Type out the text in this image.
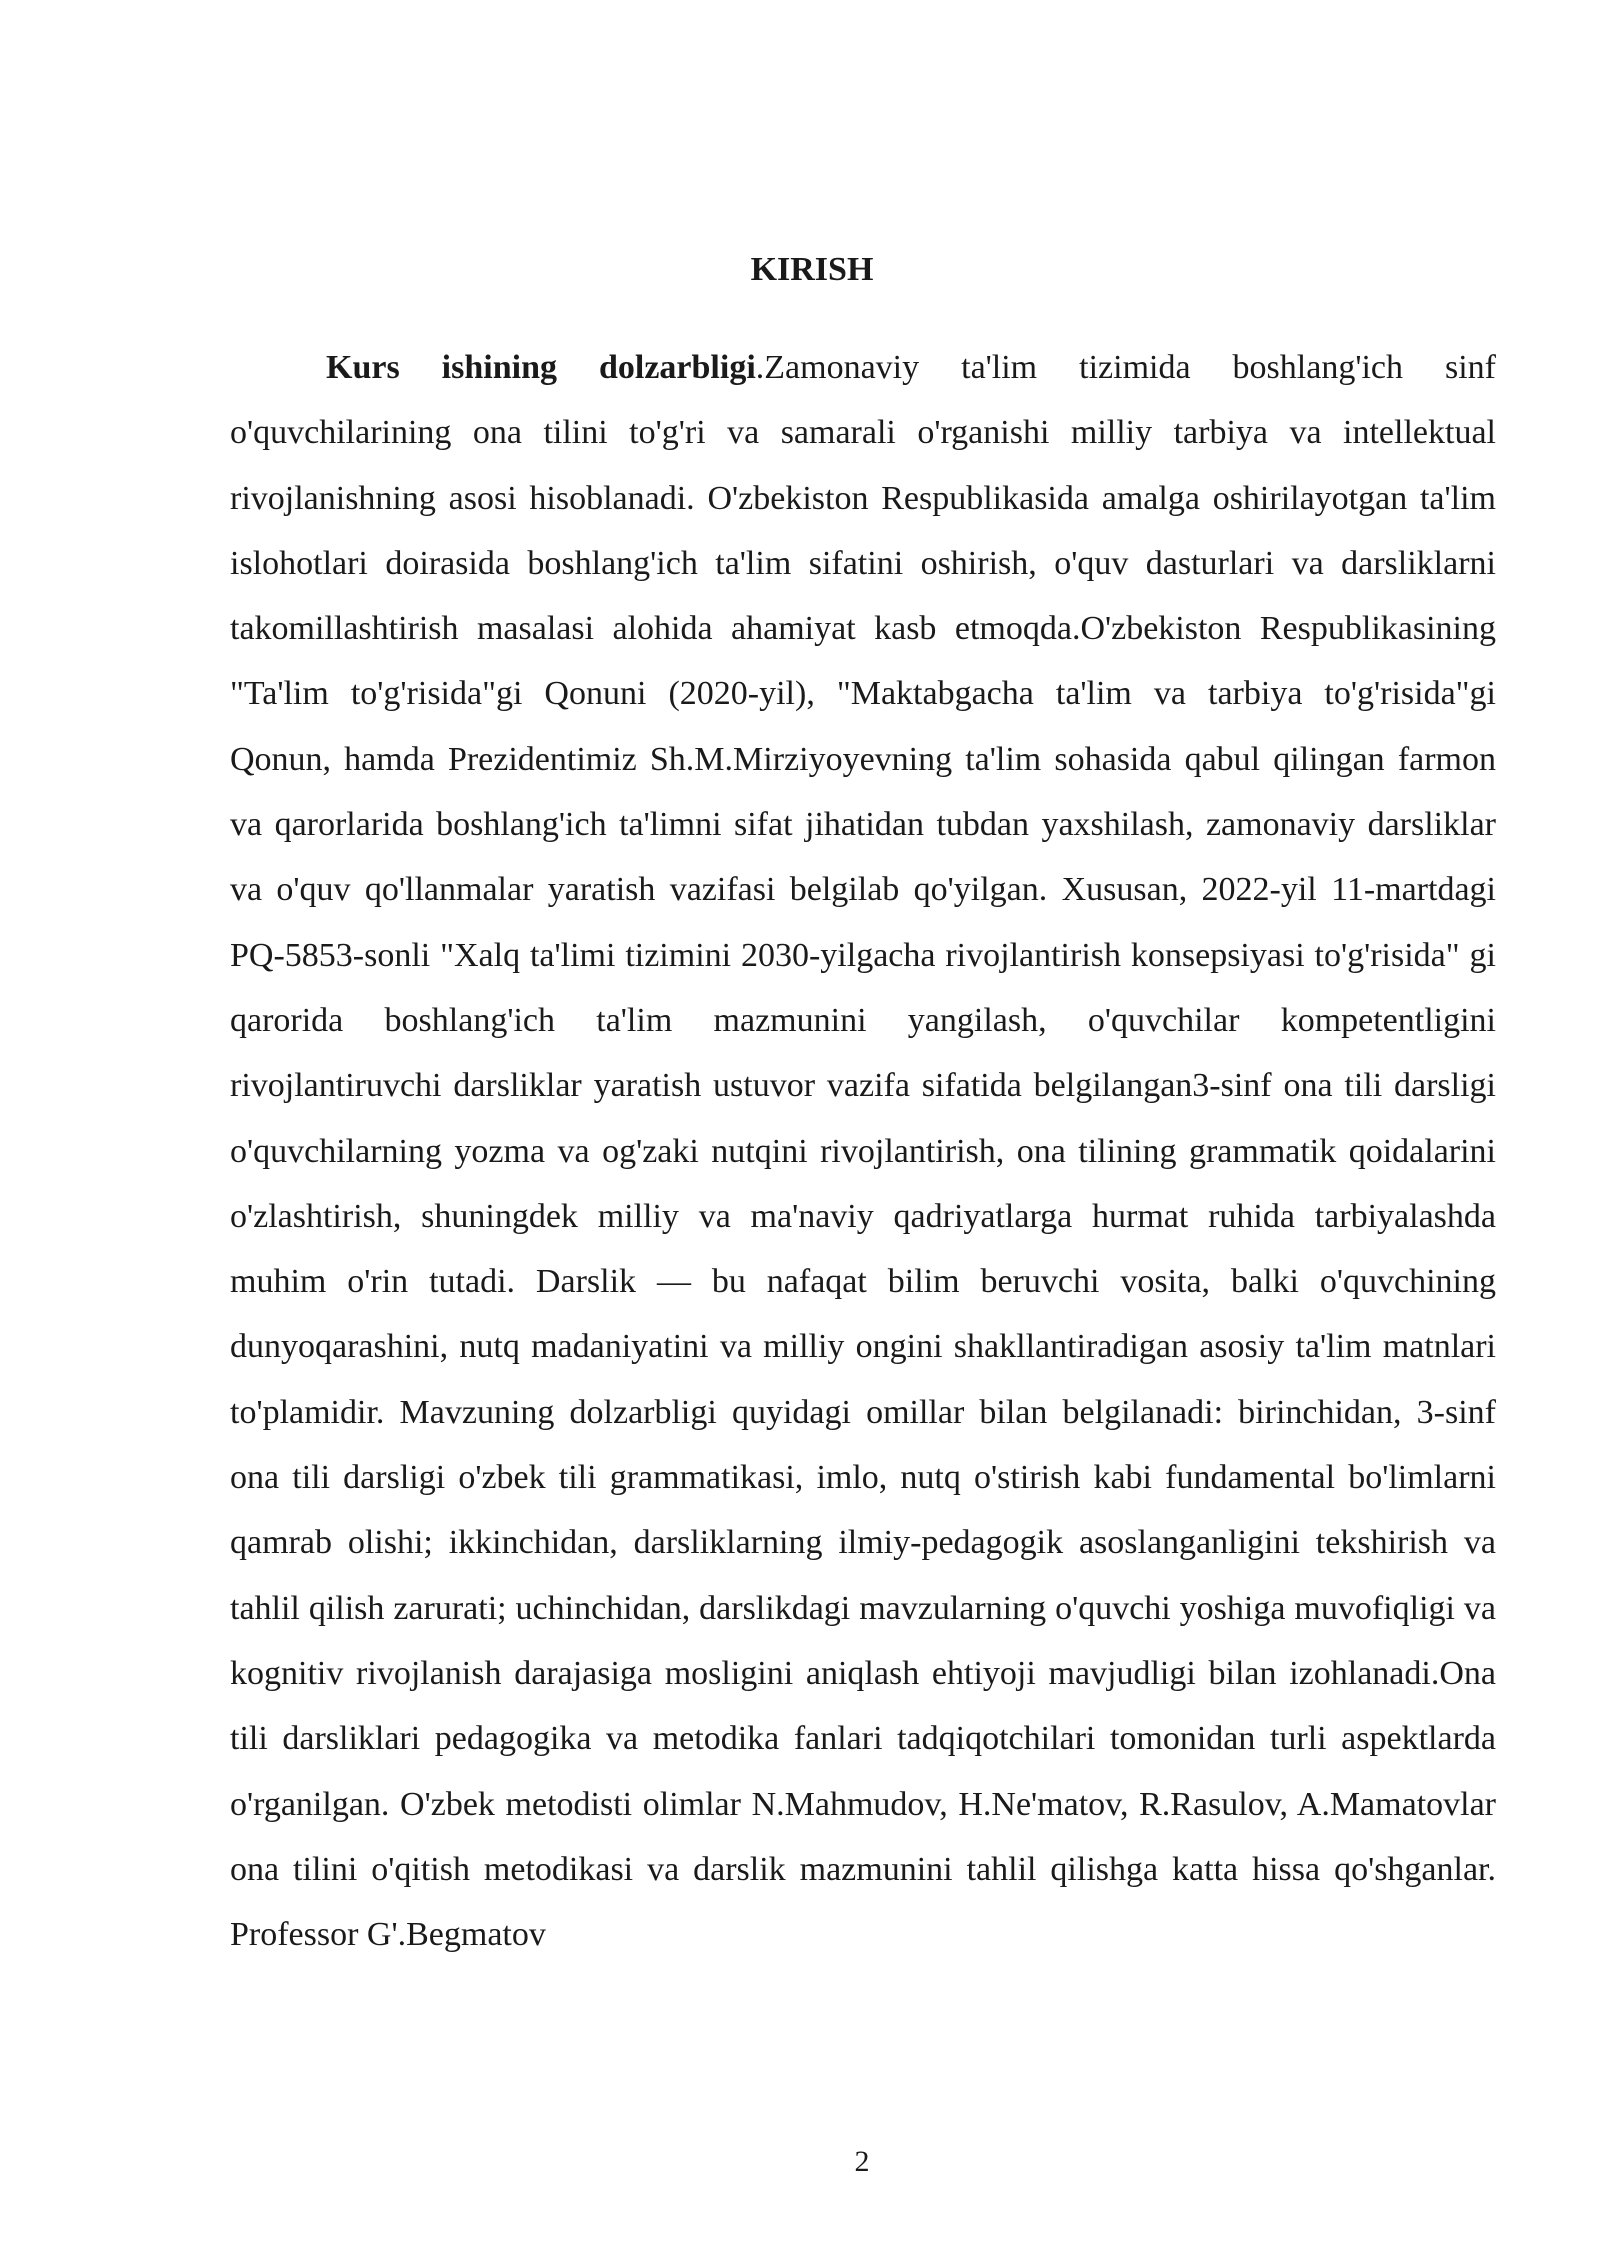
KIRISH

Kurs ishining dolzarbligi.Zamonaviy ta'lim tizimida boshlang'ich sinf o'quvchilarining ona tilini to'g'ri va samarali o'rganishi milliy tarbiya va intellektual rivojlanishning asosi hisoblanadi. O'zbekiston Respublikasida amalga oshirilayotgan ta'lim islohotlari doirasida boshlang'ich ta'lim sifatini oshirish, o'quv dasturlari va darsliklarni takomillashtirish masalasi alohida ahamiyat kasb etmoqda.O'zbekiston Respublikasining "Ta'lim to'g'risida"gi Qonuni (2020-yil), "Maktabgacha ta'lim va tarbiya to'g'risida"gi Qonun, hamda Prezidentimiz Sh.M.Mirziyoyevning ta'lim sohasida qabul qilingan farmon va qarorlarida boshlang'ich ta'limni sifat jihatidan tubdan yaxshilash, zamonaviy darsliklar va o'quv qo'llanmalar yaratish vazifasi belgilab qo'yilgan. Xususan, 2022-yil 11-martdagi PQ-5853-sonli "Xalq ta'limi tizimini 2030-yilgacha rivojlantirish konsepsiyasi to'g'risida" gi qarorida boshlang'ich ta'lim mazmunini yangilash, o'quvchilar kompetentligini rivojlantiruvchi darsliklar yaratish ustuvor vazifa sifatida belgilangan3-sinf ona tili darsligi o'quvchilarning yozma va og'zaki nutqini rivojlantirish, ona tilining grammatik qoidalarini o'zlashtirish, shuningdek milliy va ma'naviy qadriyatlarga hurmat ruhida tarbiyalashda muhim o'rin tutadi. Darslik — bu nafaqat bilim beruvchi vosita, balki o'quvchining dunyoqarashini, nutq madaniyatini va milliy ongini shakllantiradigan asosiy ta'lim matnlari to'plamidir. Mavzuning dolzarbligi quyidagi omillar bilan belgilanadi: birinchidan, 3-sinf ona tili darsligi o'zbek tili grammatikasi, imlo, nutq o'stirish kabi fundamental bo'limlarni qamrab olishi; ikkinchidan, darsliklarning ilmiy-pedagogik asoslanganligini tekshirish va tahlil qilish zarurati; uchinchidan, darslikdagi mavzularning o'quvchi yoshiga muvofiqligi va kognitiv rivojlanish darajasiga mosligini aniqlash ehtiyoji mavjudligi bilan izohlanadi.Ona tili darsliklari pedagogika va metodika fanlari tadqiqotchilari tomonidan turli aspektlarda o'rganilgan. O'zbek metodisti olimlar N.Mahmudov, H.Ne'matov, R.Rasulov, A.Mamatovlar ona tilini o'qitish metodikasi va darslik mazmunini tahlil qilishga katta hissa qo'shganlar. Professor G'.Begmatov

2
